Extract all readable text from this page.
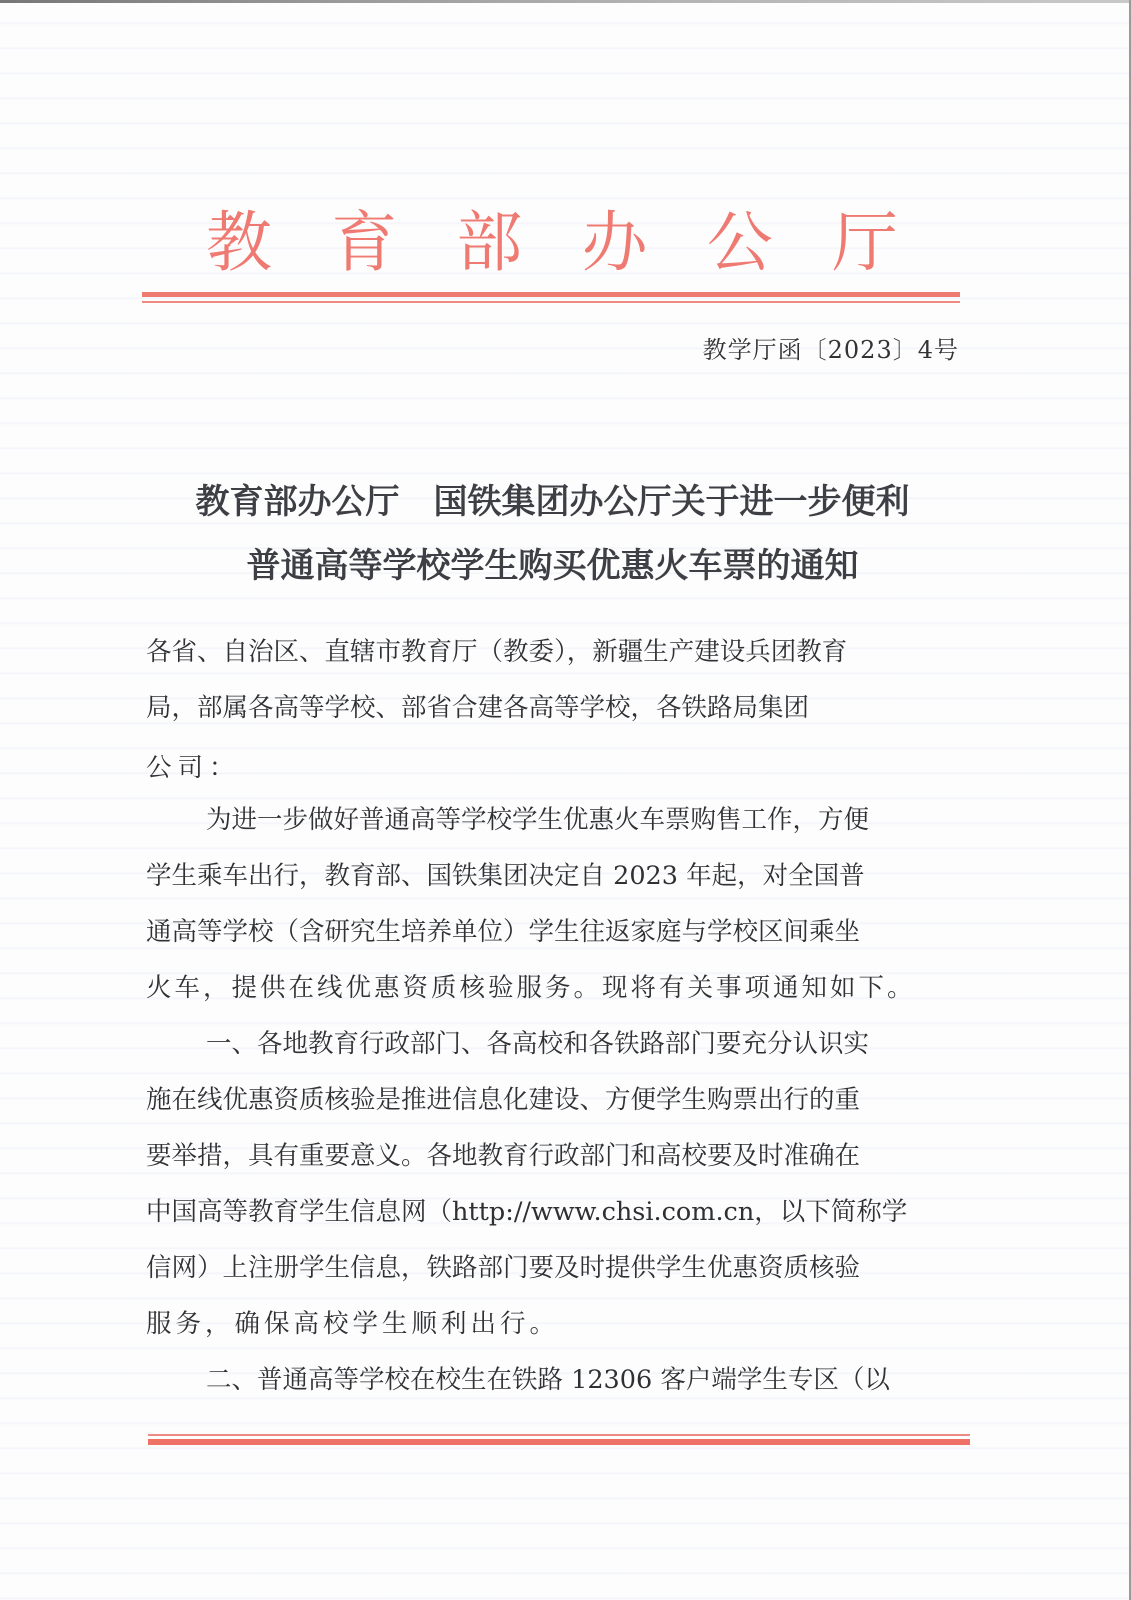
教 育 部 办 公 厅
教学厅函〔2023〕4号
教育部办公厅　国铁集团办公厅关于进一步便利
普通高等学校学生购买优惠火车票的通知
各省、自治区、直辖市教育厅（教委），新疆生产建设兵团教育
局，部属各高等学校、部省合建各高等学校，各铁路局集团
公司：
为进一步做好普通高等学校学生优惠火车票购售工作，方便
学生乘车出行，教育部、国铁集团决定自 2023 年起，对全国普
通高等学校（含研究生培养单位）学生往返家庭与学校区间乘坐
火车，提供在线优惠资质核验服务。现将有关事项通知如下。
一、各地教育行政部门、各高校和各铁路部门要充分认识实
施在线优惠资质核验是推进信息化建设、方便学生购票出行的重
要举措，具有重要意义。各地教育行政部门和高校要及时准确在
中国高等教育学生信息网（http://www.chsi.com.cn，以下简称学
信网）上注册学生信息，铁路部门要及时提供学生优惠资质核验
服务，确保高校学生顺利出行。
二、普通高等学校在校生在铁路 12306 客户端学生专区（以
